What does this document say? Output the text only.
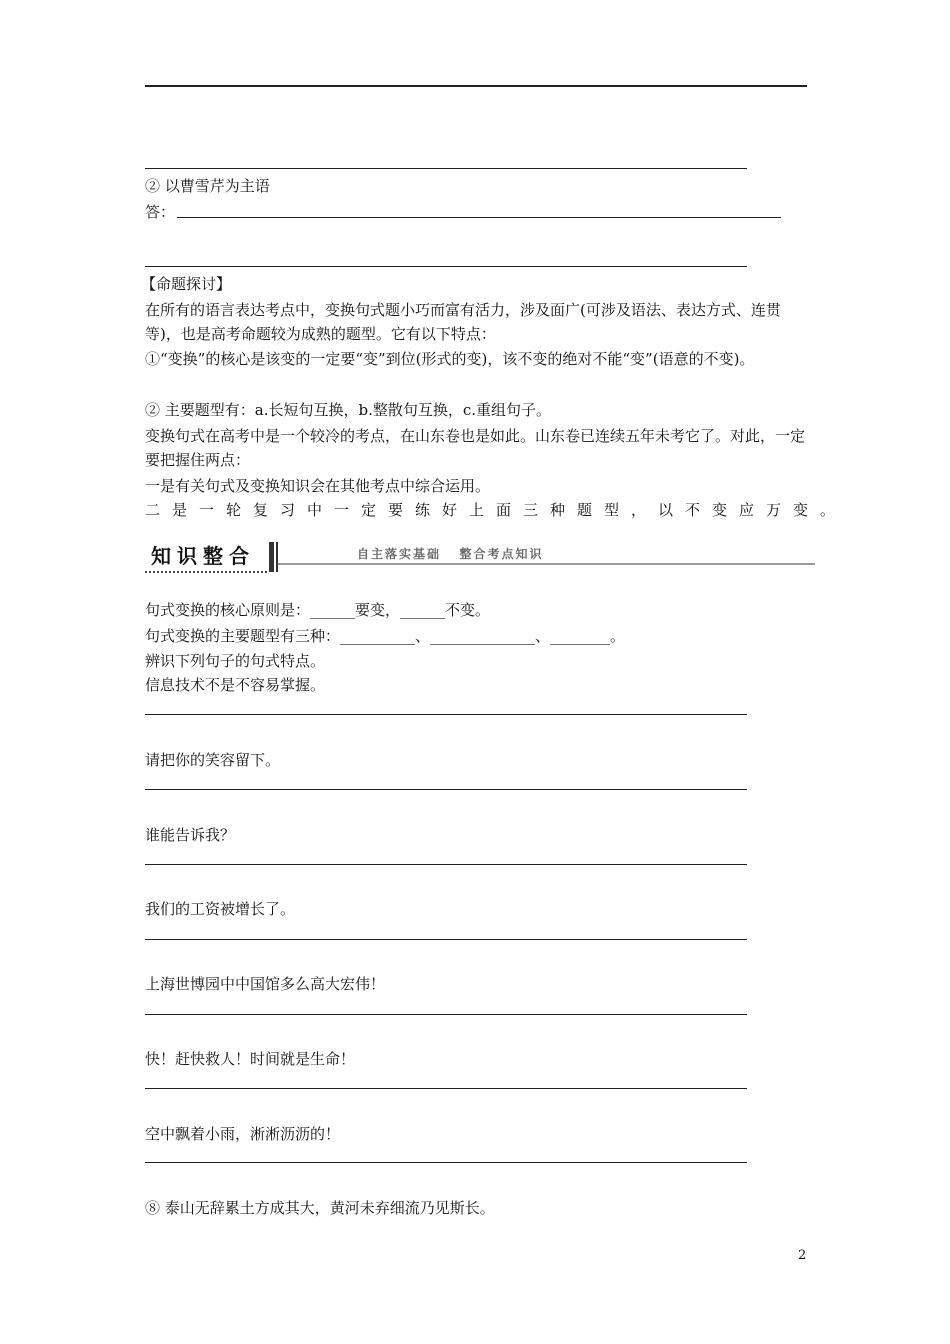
② 以曹雪芹为主语
答：
【命题探讨】
在所有的语言表达考点中，变换句式题小巧而富有活力，涉及面广(可涉及语法、表达方式、连贯等)，也是高考命题较为成熟的题型。它有以下特点：
①“变换”的核心是该变的一定要“变”到位(形式的变)，该不变的绝对不能“变”(语意的不变)。
② 主要题型有：a.长短句互换，b.整散句互换，c.重组句子。
变换句式在高考中是一个较冷的考点，在山东卷也是如此。山东卷已连续五年未考它了。对此，一定要把握住两点：
一是有关句式及变换知识会在其他考点中综合运用。
二是一轮复习中一定要练好上面三种题型，以不变应万变。
知识整合	自主落实基础   整合考点知识
句式变换的核心原则是：______要变，______不变。
句式变换的主要题型有三种：__________、______________、________。
辨识下列句子的句式特点。
信息技术不是不容易掌握。
请把你的笑容留下。
谁能告诉我？
我们的工资被增长了。
上海世博园中中国馆多么高大宏伟！
快！赶快救人！时间就是生命！
空中飘着小雨，淅淅沥沥的！
⑧ 泰山无辞累土方成其大，黄河未弃细流乃见斯长。
2
